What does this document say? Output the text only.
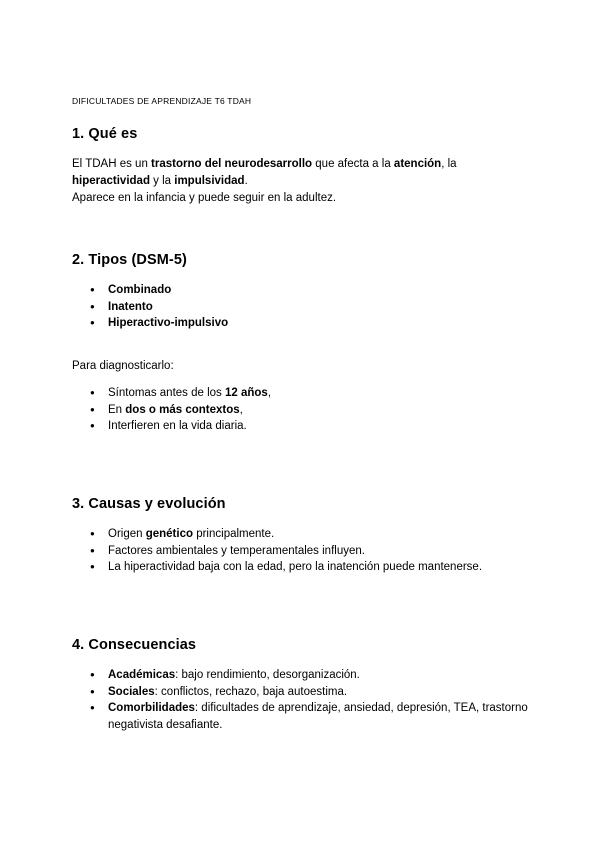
DIFICULTADES DE APRENDIZAJE T6 TDAH
1. Qué es

El TDAH es un trastorno del neurodesarrollo que afecta a la atención, la
hiperactividad y la impulsividad.
Aparece en la infancia y puede seguir en la adultez.

2. Tipos (DSM-5)
● Combinado
● Inatento
● Hiperactivo-impulsivo

Para diagnosticarlo:

● Síntomas antes de los 12 años,
● En dos o más contextos,
● Interfieren en la vida diaria.
3. Causas y evolución
● Origen genético principalmente.
● Factores ambientales y temperamentales influyen.
● La hiperactividad baja con la edad, pero la inatención puede mantenerse.
4. Consecuencias
● Académicas: bajo rendimiento, desorganización.
● Sociales: conflictos, rechazo, baja autoestima.
● Comorbilidades: dificultades de aprendizaje, ansiedad, depresión, TEA, trastorno negativista desafiante.
